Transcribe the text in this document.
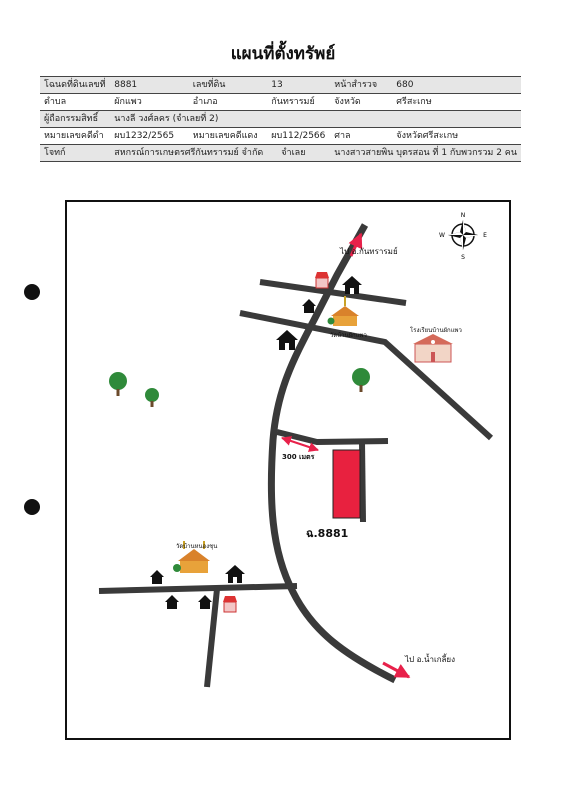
แผนที่ตั้งทรัพย์
โฉนดที่ดินเลขที่	8881	เลขที่ดิน	13	หน้าสำรวจ	680
ตำบล	ผักแพว	อำเภอ	กันทรารมย์	จังหวัด	ศรีสะเกษ
ผู้ถือกรรมสิทธิ์	นางลี วงศ์ลคร (จำเลยที่ 2)				
หมายเลขคดีดำ	ผบ1232/2565	หมายเลขคดีแดง	ผบ112/2566	ศาล	จังหวัดศรีสะเกษ
โจทก์	สหกรณ์การเกษตรศรีกันทรารมย์ จำกัด		จำเลย	นางสาวสายพิน บุตรสอน ที่ 1 กับพวกรวม 2 คน	
N
S
W	E
ไป อ.กันทรารมย์
วัดบ้านผักแพว
โรงเรียนบ้านผักแพว
300 เมตร
ฉ.8881
วัดบ้านหนองชุน
ไป อ.น้ำเกลี้ยง
